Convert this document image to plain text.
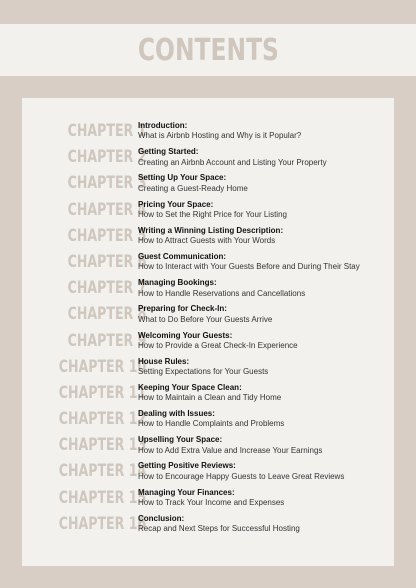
CONTENTS
CHAPTER 1
Introduction:
What is Airbnb Hosting and Why is it Popular?
CHAPTER 2
Getting Started:
Creating an Airbnb Account and Listing Your Property
CHAPTER 3
Setting Up Your Space:
Creating a Guest-Ready Home
CHAPTER 4
Pricing Your Space:
How to Set the Right Price for Your Listing
CHAPTER 5
Writing a Winning Listing Description:
How to Attract Guests with Your Words
CHAPTER 6
Guest Communication:
How to Interact with Your Guests Before and During Their Stay
CHAPTER 7
Managing Bookings:
How to Handle Reservations and Cancellations
CHAPTER 8
Preparing for Check-In:
What to Do Before Your Guests Arrive
CHAPTER 9
Welcoming Your Guests:
How to Provide a Great Check-In Experience
CHAPTER 10
House Rules:
Setting Expectations for Your Guests
CHAPTER 11
Keeping Your Space Clean:
How to Maintain a Clean and Tidy Home
CHAPTER 12
Dealing with Issues:
How to Handle Complaints and Problems
CHAPTER 13
Upselling Your Space:
How to Add Extra Value and Increase Your Earnings
CHAPTER 14
Getting Positive Reviews:
How to Encourage Happy Guests to Leave Great Reviews
CHAPTER 15
Managing Your Finances:
How to Track Your Income and Expenses
CHAPTER 16
Conclusion:
Recap and Next Steps for Successful Hosting
